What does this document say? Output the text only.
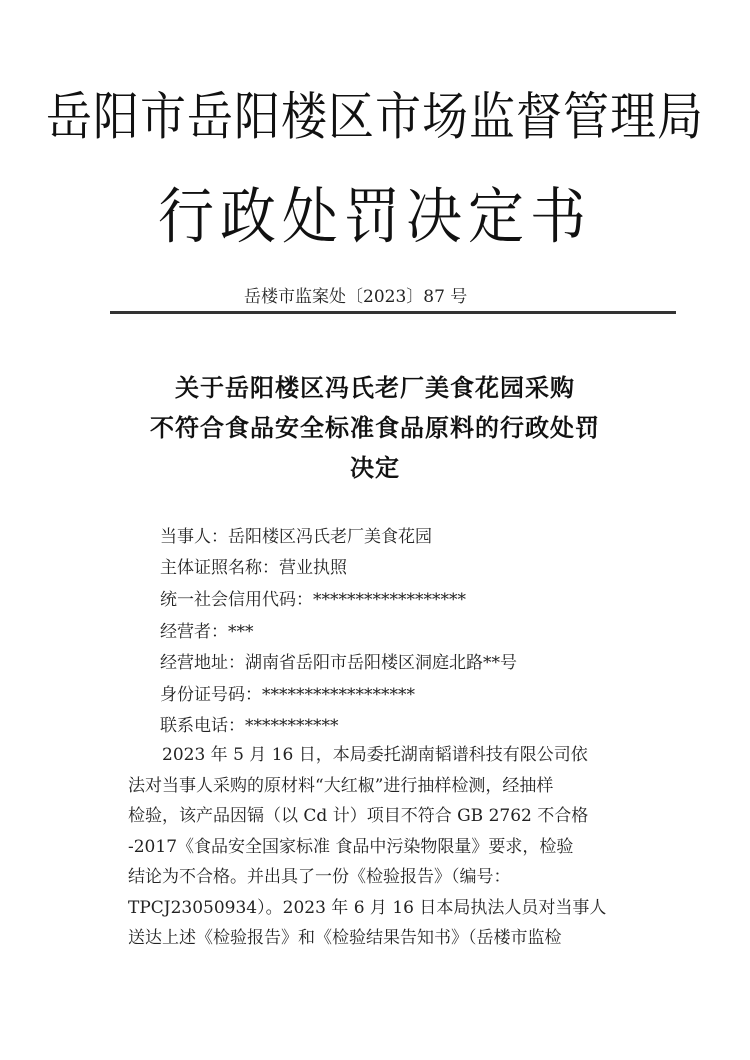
岳阳市岳阳楼区市场监督管理局
行政处罚决定书
岳楼市监案处〔2023〕87 号
关于岳阳楼区冯氏老厂美食花园采购
不符合食品安全标准食品原料的行政处罚
决定
当事人：岳阳楼区冯氏老厂美食花园
主体证照名称：营业执照
统一社会信用代码：******************
经营者：***
经营地址：湖南省岳阳市岳阳楼区洞庭北路**号
身份证号码：******************
联系电话：***********
2023 年 5 月 16 日，本局委托湖南韬谱科技有限公司依
法对当事人采购的原材料“大红椒”进行抽样检测，经抽样
检验，该产品因镉（以 Cd 计）项目不符合 GB 2762 不合格
-2017《食品安全国家标准 食品中污染物限量》要求，检验
结论为不合格。并出具了一份《检验报告》（编号：
TPCJ23050934）。2023 年 6 月 16 日本局执法人员对当事人
送达上述《检验报告》和《检验结果告知书》（岳楼市监检
